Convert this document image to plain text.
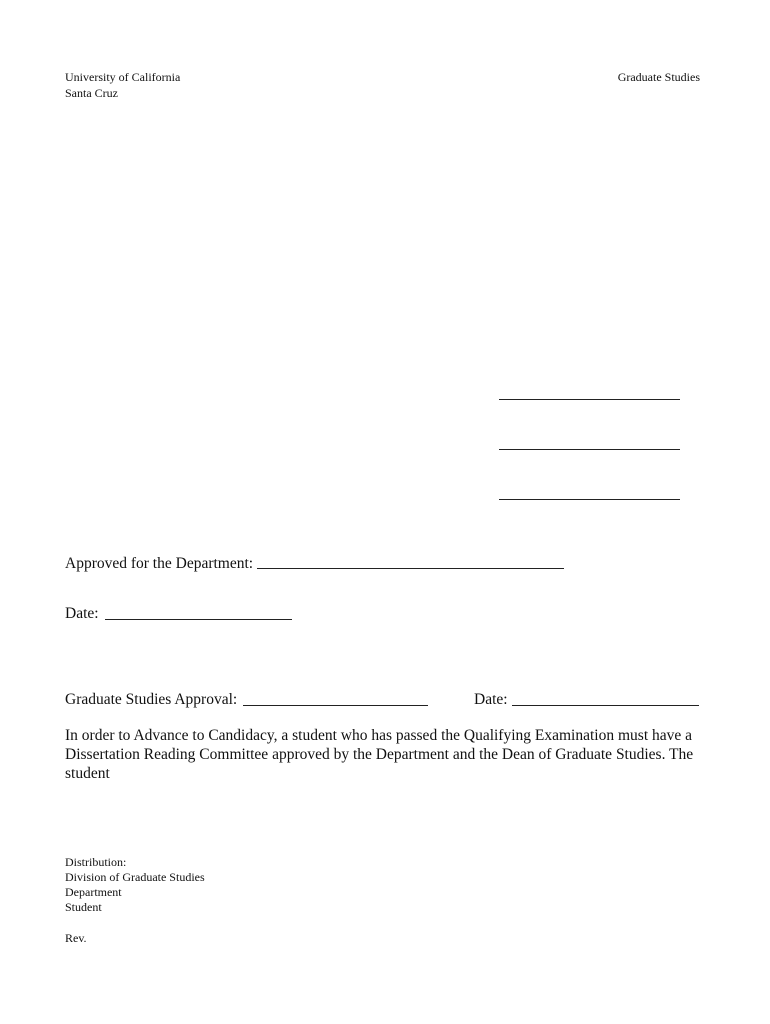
University of California
Santa Cruz
Graduate Studies
Approved for the Department:
Date:
Graduate Studies Approval:	Date:
In order to Advance to Candidacy, a student who has passed the Qualifying Examination must have a Dissertation Reading Committee approved by the Department and the Dean of Graduate Studies. The student
Distribution:
Division of Graduate Studies
Department
Student
Rev.
